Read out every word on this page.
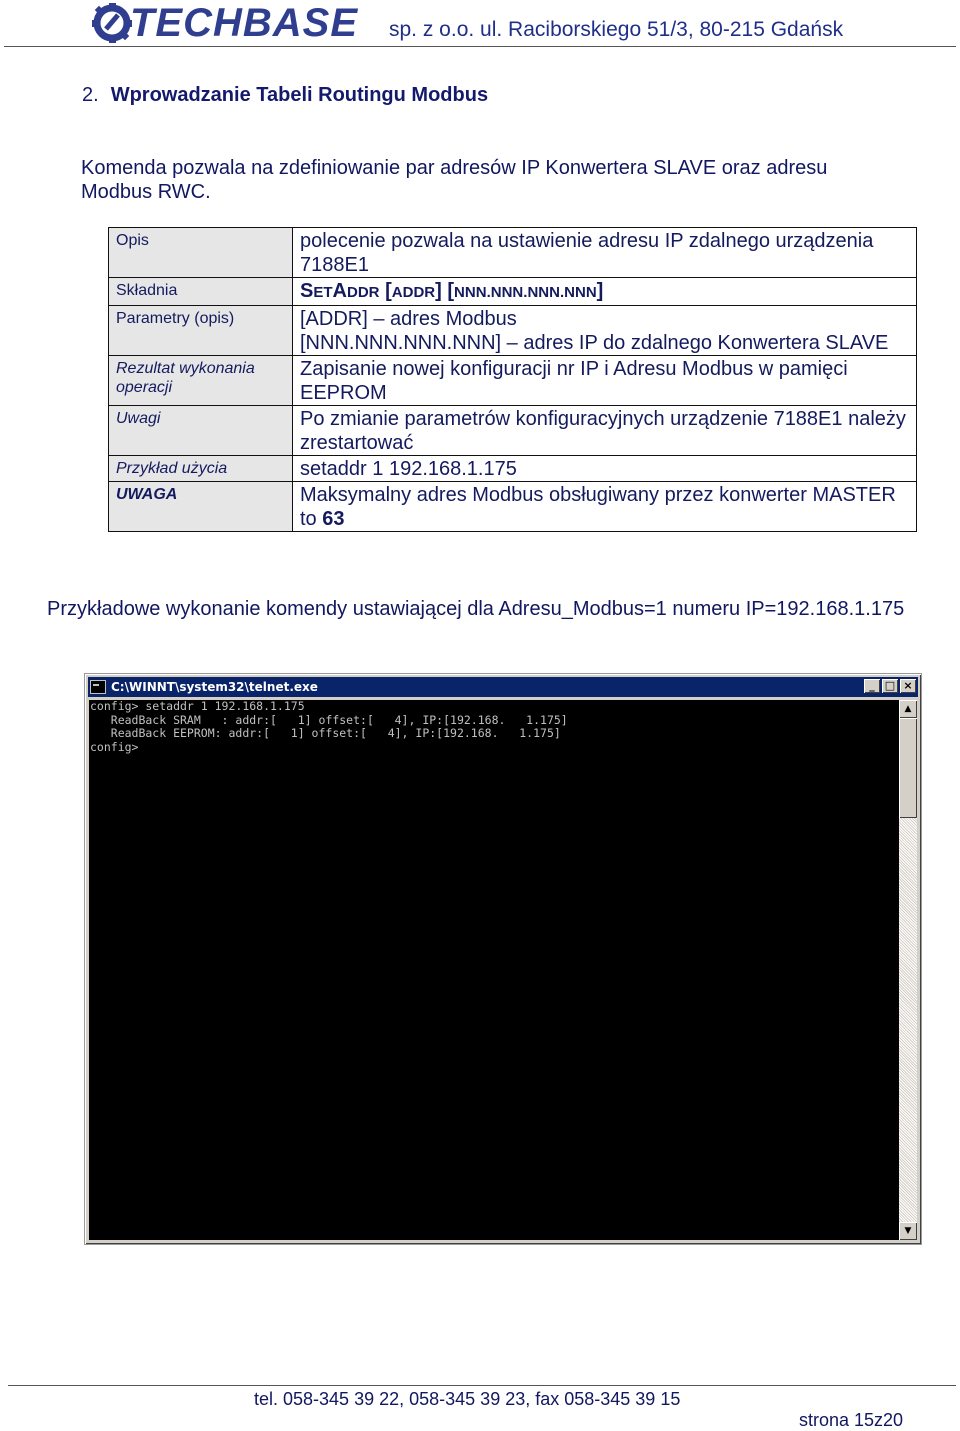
TECHBASE sp. z o.o. ul. Raciborskiego 51/3, 80-215 Gdańsk
2. Wprowadzanie Tabeli Routingu Modbus
Komenda pozwala na zdefiniowanie par adresów IP Konwertera SLAVE oraz adresu Modbus RWC.
Opis	polecenie pozwala na ustawienie adresu IP zdalnego urządzenia 7188E1
Składnia	SETADDR [ADDR] [NNN.NNN.NNN.NNN]
Parametry (opis)	[ADDR] – adres Modbus
[NNN.NNN.NNN.NNN] – adres IP do zdalnego Konwertera SLAVE

Rezultat wykonania operacji	Zapisanie nowej konfiguracji nr IP i Adresu Modbus w pamięci EEPROM
Uwagi	Po zmianie parametrów konfiguracyjnych urządzenie 7188E1 należy zrestartować
Przykład użycia	setaddr 1 192.168.1.175
UWAGA	Maksymalny adres Modbus obsługiwany przez konwerter MASTER to 63
Przykładowe wykonanie komendy ustawiającej dla Adresu_Modbus=1 numeru IP=192.168.1.175
C:\WINNT\system32\telnet.exe	_ □ ×
config> setaddr 1 192.168.1.175
ReadBack SRAM   : addr:[   1] offset:[   4], IP:[192.168.   1.175]
ReadBack EEPROM: addr:[   1] offset:[   4], IP:[192.168.   1.175]
config>
▲
▼
tel. 058-345 39 22, 058-345 39 23, fax 058-345 39 15
strona 15z20
